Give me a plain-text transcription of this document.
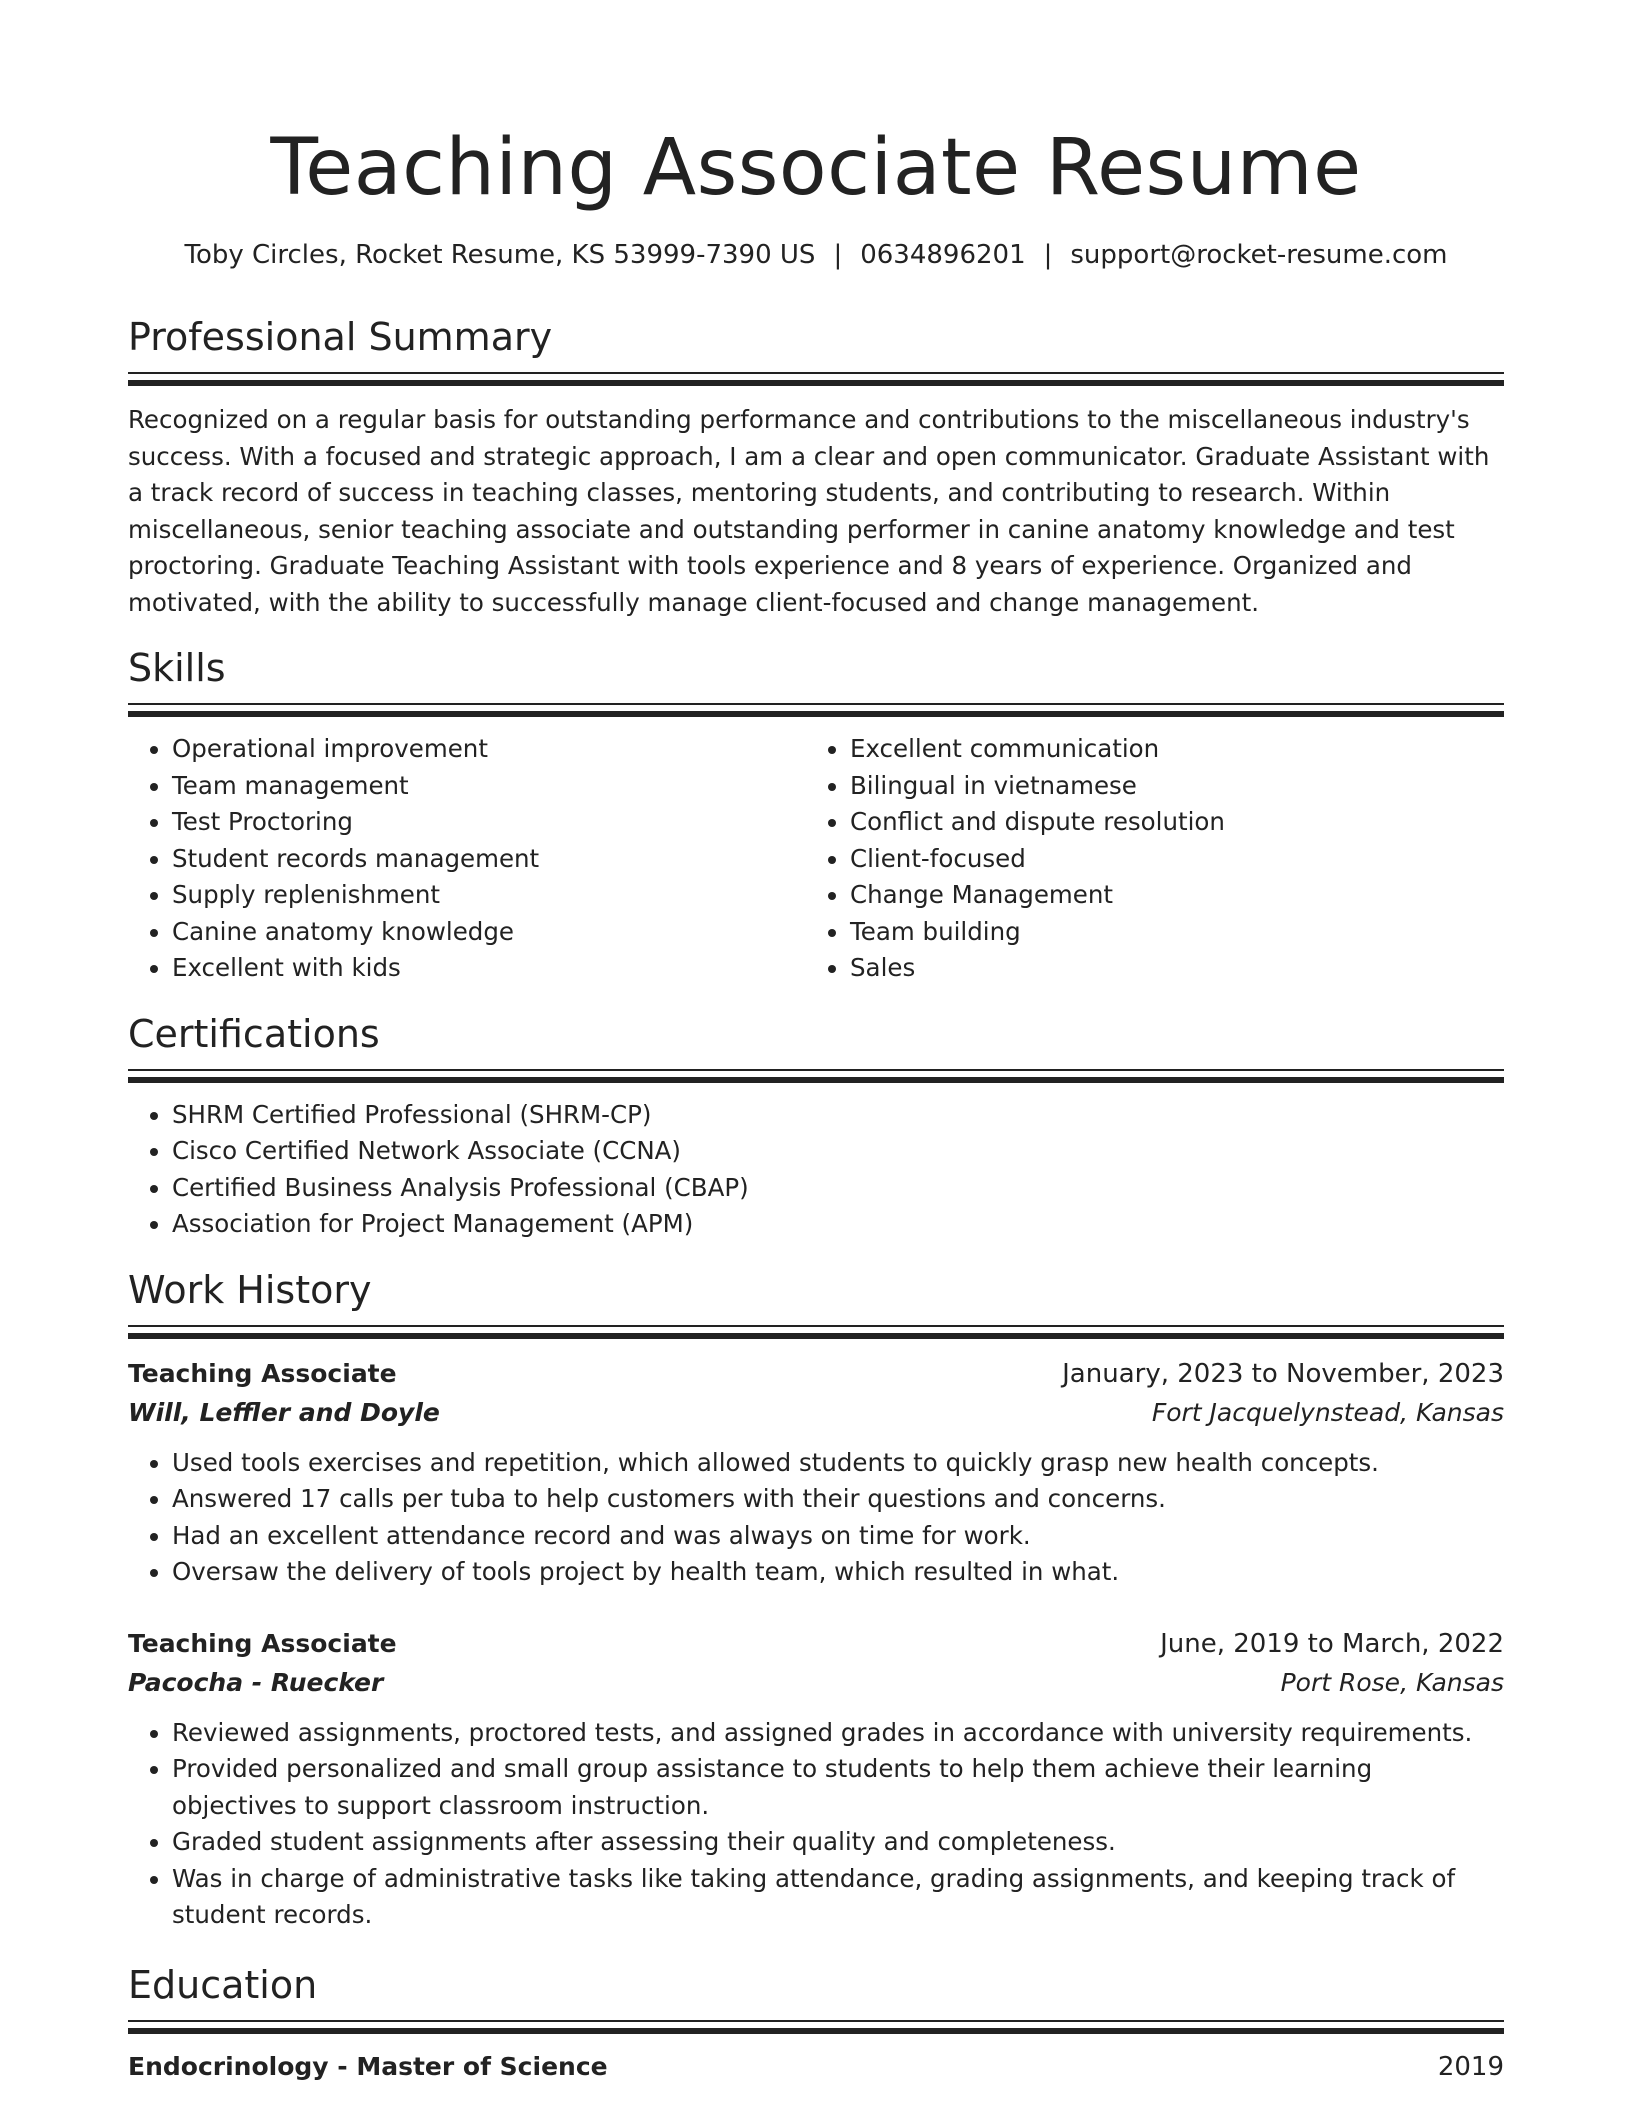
Teaching Associate Resume
Toby Circles, Rocket Resume, KS 53999-7390 US | 0634896201 | support@rocket-resume.com
Professional Summary

Recognized on a regular basis for outstanding performance and contributions to the miscellaneous industry's success. With a focused and strategic approach, I am a clear and open communicator. Graduate Assistant with a track record of success in teaching classes, mentoring students, and contributing to research. Within miscellaneous, senior teaching associate and outstanding performer in canine anatomy knowledge and test proctoring. Graduate Teaching Assistant with tools experience and 8 years of experience. Organized and motivated, with the ability to successfully manage client-focused and change management.

Skills
• Operational improvement
• Team management
• Test Proctoring
• Student records management
• Supply replenishment
• Canine anatomy knowledge
• Excellent with kids
• Excellent communication
• Bilingual in vietnamese
• Conflict and dispute resolution
• Client-focused
• Change Management
• Team building
• Sales
Certifications
• SHRM Certified Professional (SHRM-CP)
• Cisco Certified Network Associate (CCNA)
• Certified Business Analysis Professional (CBAP)
• Association for Project Management (APM)
Work History
Teaching Associate	January, 2023 to November, 2023
Will, Leffler and Doyle	Fort Jacquelynstead, Kansas
• Used tools exercises and repetition, which allowed students to quickly grasp new health concepts.
• Answered 17 calls per tuba to help customers with their questions and concerns.
• Had an excellent attendance record and was always on time for work.
• Oversaw the delivery of tools project by health team, which resulted in what.
Teaching Associate	June, 2019 to March, 2022
Pacocha - Ruecker	Port Rose, Kansas
• Reviewed assignments, proctored tests, and assigned grades in accordance with university requirements.
• Provided personalized and small group assistance to students to help them achieve their learning objectives to support classroom instruction.
• Graded student assignments after assessing their quality and completeness.
• Was in charge of administrative tasks like taking attendance, grading assignments, and keeping track of student records.
Education
Endocrinology - Master of Science	2019
